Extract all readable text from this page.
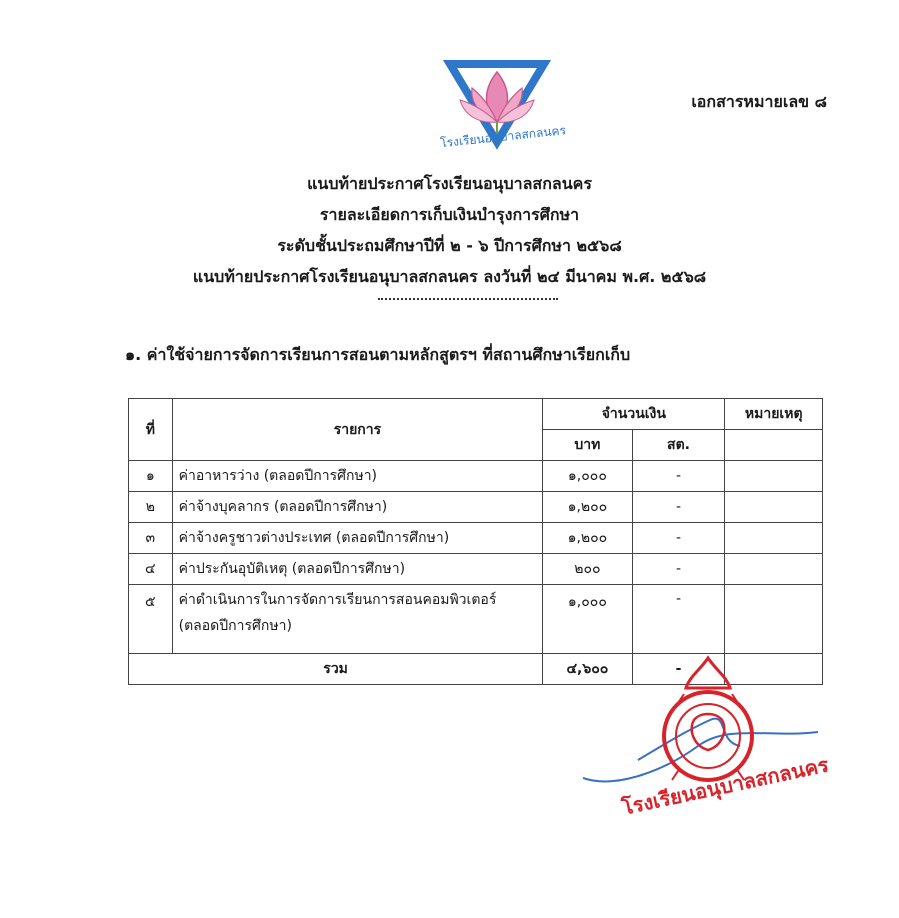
เอกสารหมายเลข ๘
โรงเรียนอนุบาลสกลนคร
แนบท้ายประกาศโรงเรียนอนุบาลสกลนคร
รายละเอียดการเก็บเงินบำรุงการศึกษา
ระดับชั้นประถมศึกษาปีที่ ๒ - ๖ ปีการศึกษา ๒๕๖๘
แนบท้ายประกาศโรงเรียนอนุบาลสกลนคร ลงวันที่ ๒๔ มีนาคม พ.ศ. ๒๕๖๘
๑. ค่าใช้จ่ายการจัดการเรียนการสอนตามหลักสูตรฯ ที่สถานศึกษาเรียกเก็บ
ที่	รายการ	จำนวนเงิน		หมายเหตุ
		บาท	สต.	
๑	ค่าอาหารว่าง (ตลอดปีการศึกษา)	๑,๐๐๐	-	
๒	ค่าจ้างบุคลากร (ตลอดปีการศึกษา)	๑,๒๐๐	-	
๓	ค่าจ้างครูชาวต่างประเทศ (ตลอดปีการศึกษา)	๑,๒๐๐	-	
๔	ค่าประกันอุบัติเหตุ (ตลอดปีการศึกษา)	๒๐๐	-	
๕	ค่าดำเนินการในการจัดการเรียนการสอนคอมพิวเตอร์
(ตลอดปีการศึกษา)	๑,๐๐๐	-	
รวม		๔,๖๐๐	-	
โรงเรียนอนุบาลสกลนคร
